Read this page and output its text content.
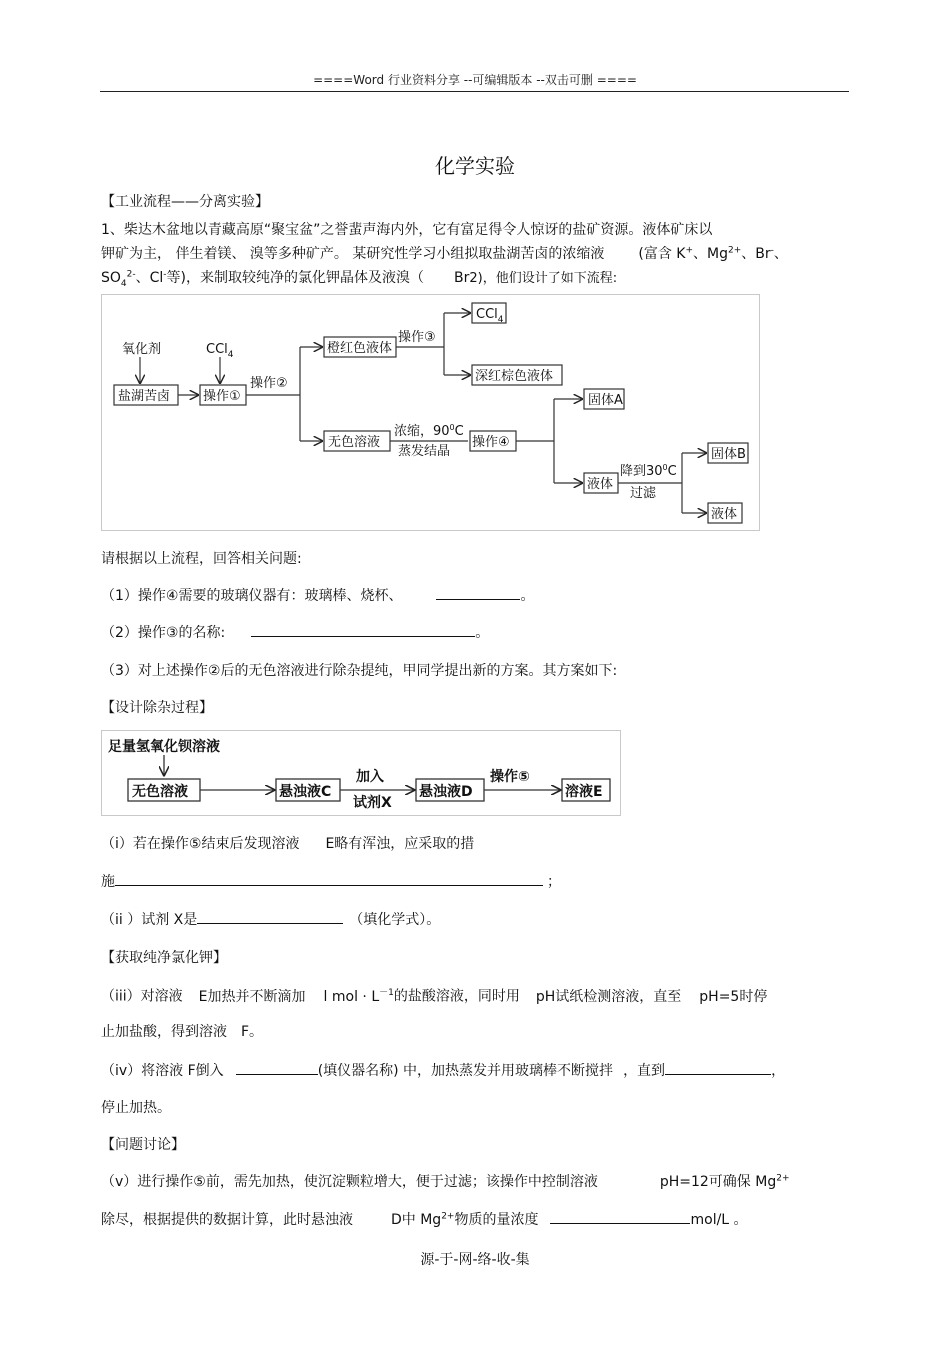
====Word 行业资料分享 --可编辑版本 --双击可删 ====
化学实验
【工业流程——分离实验】
1、柴达木盆地以青藏高原“聚宝盆”之誉蜚声海内外，它有富足得令人惊讶的盐矿资源。液体矿床以
钾矿为主， 伴生着镁、 溴等多种矿产。 某研究性学习小组拟取盐湖苦卤的浓缩液 (富含 K+、$Mg^{2+}$、Br-、
$SO_4^{2-}$、Cl-等)，来制取较纯净的氯化钾晶体及液溴（ Br2)，他们设计了如下流程:
氧化剂	CCl$_4$
盐湖苦卤	操作①
操作②
橙红色液体
操作③
CCl$_4$
深红棕色液体
无色溶液
浓缩，$90^0C$
蒸发结晶
操作④
固体A
液体
降到$30^0C$
过滤
固体B
液体
请根据以上流程，回答相关问题:
（1）操作④需要的玻璃仪器有：玻璃棒、烧杯、	。
（2）操作③的名称:	。
（3）对上述操作②后的无色溶液进行除杂提纯，甲同学提出新的方案。其方案如下:
【设计除杂过程】
足量氢氧化钡溶液
无色溶液	悬浊液C
加入
试剂X
悬浊液D
操作⑤
溶液E
（i）若在操作⑤结束后发现溶液 E略有浑浊，应采取的措
施	；
（ii ）试剂 X是	（填化学式）。
【获取纯净氯化钾】
（iii）对溶液 E加热并不断滴加 l mol · $L^{-1}$的盐酸溶液，同时用 pH试纸检测溶液，直至 pH=5时停
止加盐酸，得到溶液 F。
（iv）将溶液 F倒入	(填仪器名称) 中，加热蒸发并用玻璃棒不断搅拌 ，直到	，
停止加热。
【问题讨论】
（v）进行操作⑤前，需先加热，使沉淀颗粒增大，便于过滤；该操作中控制溶液	pH=12可确保 $Mg^{2+}$
除尽，根据提供的数据计算，此时悬浊液	D中 $Mg^{2+}$物质的量浓度	mol/L 。
源-于-网-络-收-集
